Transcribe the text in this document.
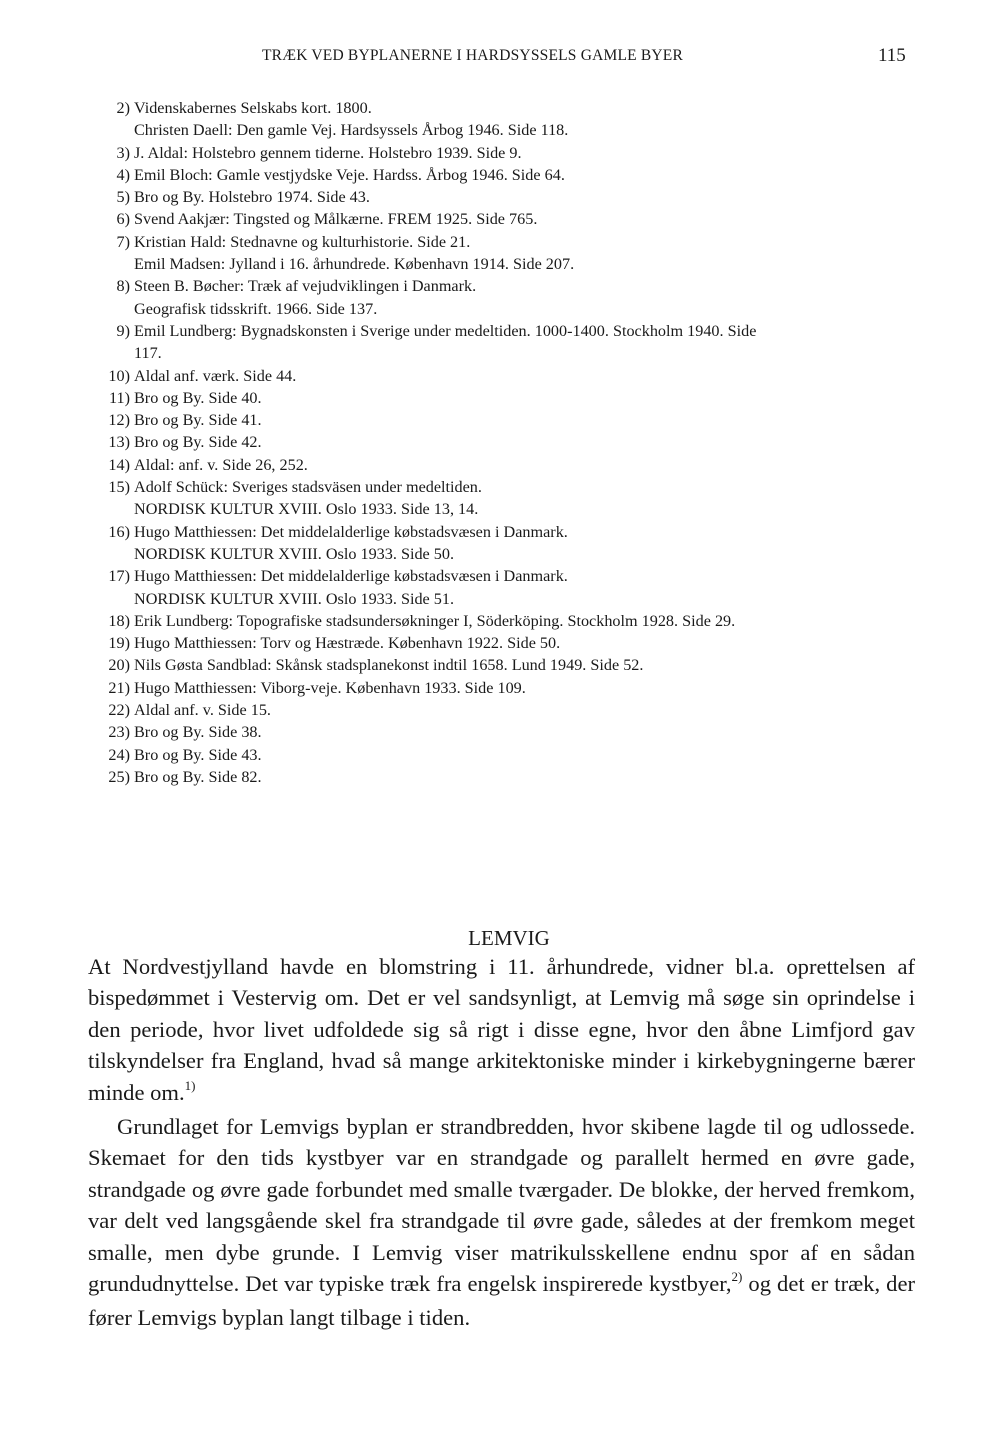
TRÆK VED BYPLANERNE I HARDSYSSELS GAMLE BYER	115
2) Videnskabernes Selskabs kort. 1800.
Christen Daell: Den gamle Vej. Hardsyssels Årbog 1946. Side 118.
3) J. Aldal: Holstebro gennem tiderne. Holstebro 1939. Side 9.
4) Emil Bloch: Gamle vestjydske Veje. Hardss. Årbog 1946. Side 64.
5) Bro og By. Holstebro 1974. Side 43.
6) Svend Aakjær: Tingsted og Målkærne. FREM 1925. Side 765.
7) Kristian Hald: Stednavne og kulturhistorie. Side 21.
Emil Madsen: Jylland i 16. århundrede. København 1914. Side 207.
8) Steen B. Bøcher: Træk af vejudviklingen i Danmark.
Geografisk tidsskrift. 1966. Side 137.
9) Emil Lundberg: Bygnadskonsten i Sverige under medeltiden. 1000-1400. Stockholm 1940. Side
117.
10) Aldal anf. værk. Side 44.
11) Bro og By. Side 40.
12) Bro og By. Side 41.
13) Bro og By. Side 42.
14) Aldal: anf. v. Side 26, 252.
15) Adolf Schück: Sveriges stadsväsen under medeltiden.
NORDISK KULTUR XVIII. Oslo 1933. Side 13, 14.
16) Hugo Matthiessen: Det middelalderlige købstadsvæsen i Danmark.
NORDISK KULTUR XVIII. Oslo 1933. Side 50.
17) Hugo Matthiessen: Det middelalderlige købstadsvæsen i Danmark.
NORDISK KULTUR XVIII. Oslo 1933. Side 51.
18) Erik Lundberg: Topografiske stadsundersøkninger I, Söderköping. Stockholm 1928. Side 29.
19) Hugo Matthiessen: Torv og Hæstræde. København 1922. Side 50.
20) Nils Gøsta Sandblad: Skånsk stadsplanekonst indtil 1658. Lund 1949. Side 52.
21) Hugo Matthiessen: Viborg-veje. København 1933. Side 109.
22) Aldal anf. v. Side 15.
23) Bro og By. Side 38.
24) Bro og By. Side 43.
25) Bro og By. Side 82.
LEMVIG

At Nordvestjylland havde en blomstring i 11. århundrede, vidner bl.a. oprettelsen af bispedømmet i Vestervig om. Det er vel sandsynligt, at Lemvig må søge sin oprindelse i den periode, hvor livet udfoldede sig så rigt i disse egne, hvor den åbne Limfjord gav tilskyndelser fra England, hvad så mange arkitektoniske minder i kirkebygningerne bærer minde om.$^{1)}$

Grundlaget for Lemvigs byplan er strandbredden, hvor skibene lagde til og udlossede. Skemaet for den tids kystbyer var en strandgade og parallelt hermed en øvre gade, strandgade og øvre gade forbundet med smalle tværgader. De blokke, der herved fremkom, var delt ved langsgående skel fra strandgade til øvre gade, således at der fremkom meget smalle, men dybe grunde. I Lemvig viser matrikulsskellene endnu spor af en sådan grundudnyttelse. Det var typiske træk fra engelsk inspirerede kystbyer,$^{2)}$ og det er træk, der fører Lemvigs byplan langt tilbage i tiden.
